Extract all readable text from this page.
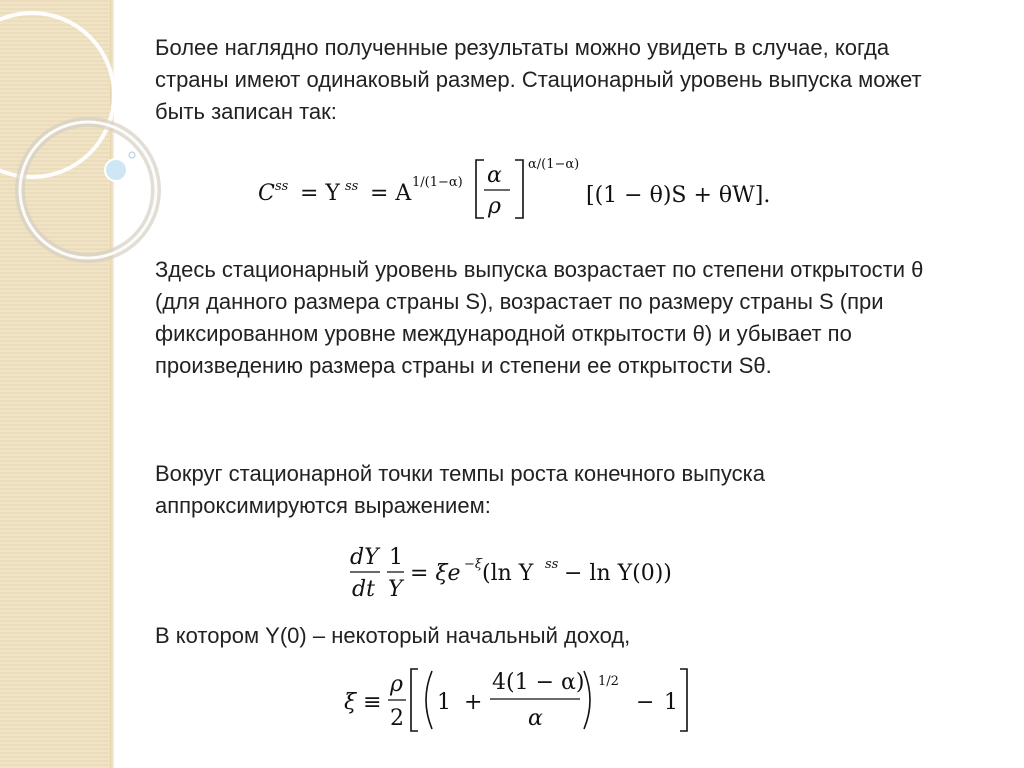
Более наглядно полученные результаты можно увидеть в случае, когда страны имеют одинаковый размер. Стационарный уровень выпуска может быть записан так:

C ss = Y ss = A 1/(1−α) α
ρ
α/(1−α)
[(1 − θ)S + θW].

Здесь стационарный уровень выпуска возрастает по степени открытости θ (для данного размера страны S), возрастает по размеру страны S (при фиксированном уровне международной открытости θ) и убывает по произведению размера страны и степени ее открытости Sθ.

Вокруг стационарной точки темпы роста конечного выпуска аппроксимируются выражением:

dY
dt
1
Y
= ξe −ξ (ln Y ss − ln Y(0))

В котором Y(0) – некоторый начальный доход,

ξ ≡
ρ
2
1 +
4(1 − α)
α
1/2
− 1
